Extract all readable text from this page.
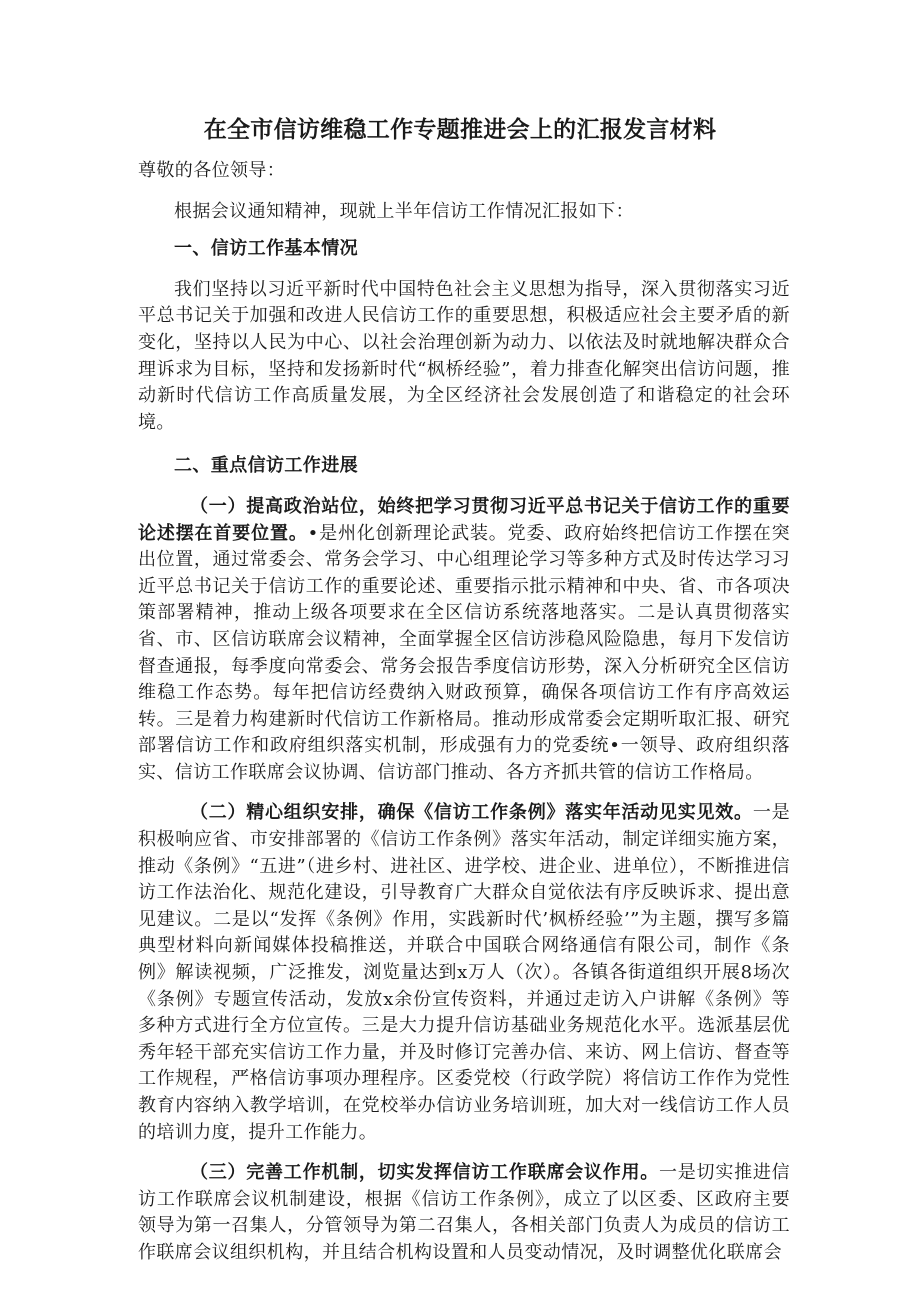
在全市信访维稳工作专题推进会上的汇报发言材料

尊敬的各位领导：

根据会议通知精神，现就上半年信访工作情况汇报如下：

一、信访工作基本情况

我们坚持以习近平新时代中国特色社会主义思想为指导，深入贯彻落实习近平总书记关于加强和改进人民信访工作的重要思想，积极适应社会主要矛盾的新变化，坚持以人民为中心、以社会治理创新为动力、以依法及时就地解决群众合理诉求为目标，坚持和发扬新时代“枫桥经验”，着力排查化解突出信访问题，推动新时代信访工作高质量发展，为全区经济社会发展创造了和谐稳定的社会环境。

二、重点信访工作进展

（一）提高政治站位，始终把学习贯彻习近平总书记关于信访工作的重要论述摆在首要位置。•是州化创新理论武装。党委、政府始终把信访工作摆在突出位置，通过常委会、常务会学习、中心组理论学习等多种方式及时传达学习习近平总书记关于信访工作的重要论述、重要指示批示精神和中央、省、市各项决策部署精神，推动上级各项要求在全区信访系统落地落实。二是认真贯彻落实省、市、区信访联席会议精神，全面掌握全区信访涉稳风险隐患，每月下发信访督查通报，每季度向常委会、常务会报告季度信访形势，深入分析研究全区信访维稳工作态势。每年把信访经费纳入财政预算，确保各项信访工作有序高效运转。三是着力构建新时代信访工作新格局。推动形成常委会定期听取汇报、研究部署信访工作和政府组织落实机制，形成强有力的党委统•一领导、政府组织落实、信访工作联席会议协调、信访部门推动、各方齐抓共管的信访工作格局。

（二）精心组织安排，确保《信访工作条例》落实年活动见实见效。一是积极响应省、市安排部署的《信访工作条例》落实年活动，制定详细实施方案，推动《条例》“五进”（进乡村、进社区、进学校、进企业、进单位），不断推进信访工作法治化、规范化建设，引导教育广大群众自觉依法有序反映诉求、提出意见建议。二是以“发挥《条例》作用，实践新时代’枫桥经验’”为主题，撰写多篇典型材料向新闻媒体投稿推送，并联合中国联合网络通信有限公司，制作《条例》解读视频，广泛推发，浏览量达到x万人（次）。各镇各街道组织开展8场次《条例》专题宣传活动，发放x余份宣传资料，并通过走访入户讲解《条例》等多种方式进行全方位宣传。三是大力提升信访基础业务规范化水平。选派基层优秀年轻干部充实信访工作力量，并及时修订完善办信、来访、网上信访、督查等工作规程，严格信访事项办理程序。区委党校（行政学院）将信访工作作为党性教育内容纳入教学培训，在党校举办信访业务培训班，加大对一线信访工作人员的培训力度，提升工作能力。

（三）完善工作机制，切实发挥信访工作联席会议作用。一是切实推进信访工作联席会议机制建设，根据《信访工作条例》，成立了以区委、区政府主要领导为第一召集人，分管领导为第二召集人，各相关部门负责人为成员的信访工作联席会议组织机构，并且结合机构设置和人员变动情况，及时调整优化联席会
